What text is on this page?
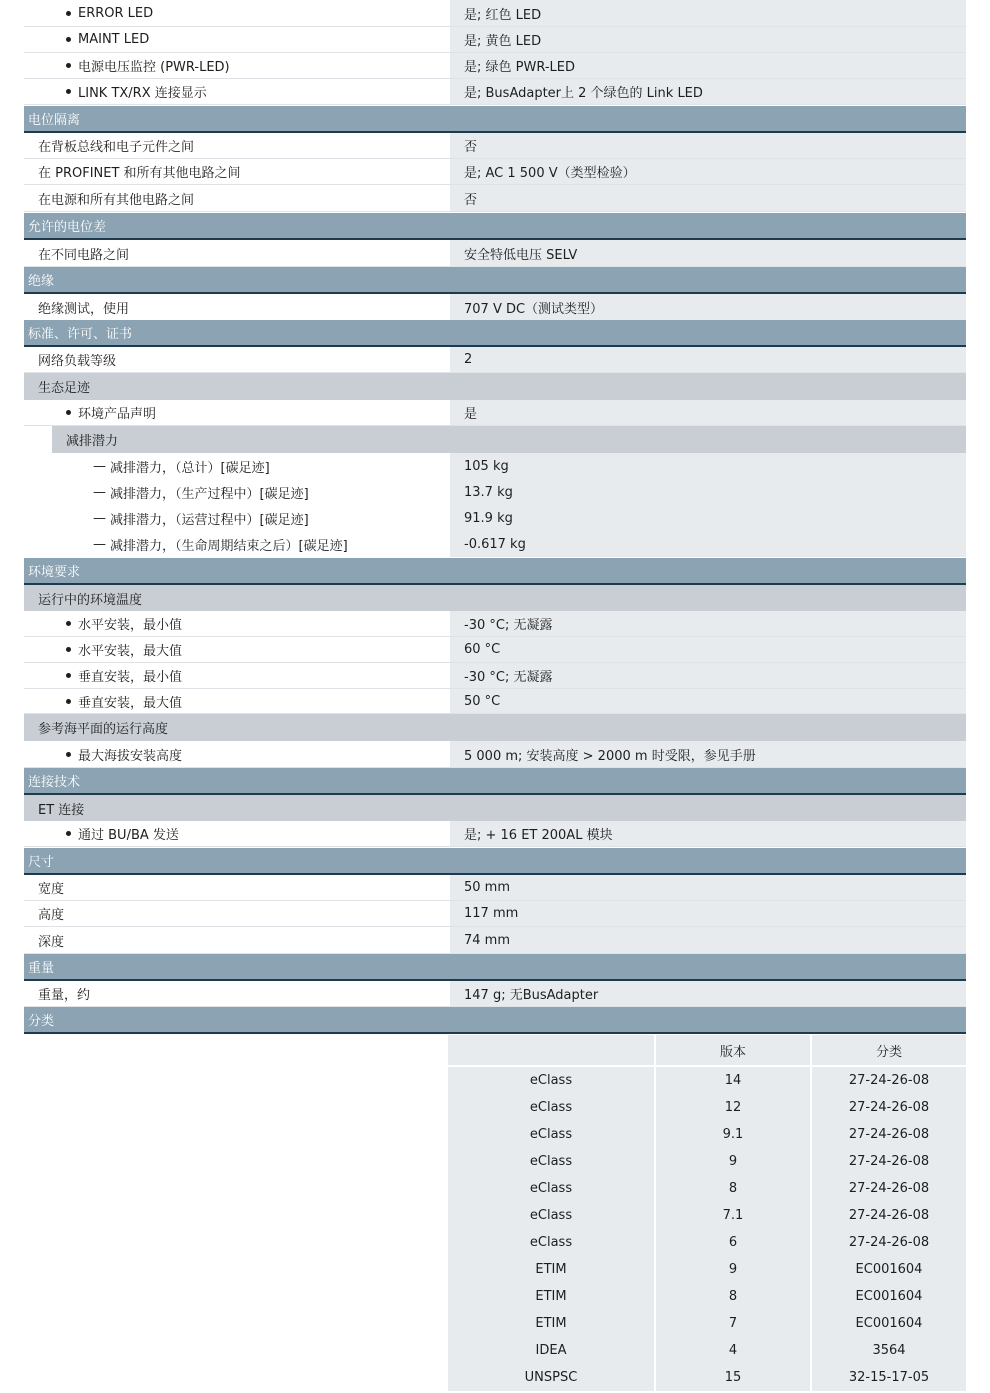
ERROR LED	是; 红色 LED
MAINT LED	是; 黄色 LED
电源电压监控 (PWR-LED)	是; 绿色 PWR-LED
LINK TX/RX 连接显示	是; BusAdapter上 2 个绿色的 Link LED
电位隔离
在背板总线和电子元件之间	否
在 PROFINET 和所有其他电路之间	是; AC 1 500 V（类型检验）
在电源和所有其他电路之间	否
允许的电位差
在不同电路之间	安全特低电压 SELV
绝缘
绝缘测试，使用	707 V DC（测试类型）
标准、许可、证书
网络负载等级	2
生态足迹
环境产品声明	是
减排潜力
— 减排潜力，（总计）[碳足迹]	105 kg
— 减排潜力，（生产过程中）[碳足迹]	13.7 kg
— 减排潜力，（运营过程中）[碳足迹]	91.9 kg
— 减排潜力，（生命周期结束之后）[碳足迹]	-0.617 kg
环境要求
运行中的环境温度
水平安装，最小值	-30 °C; 无凝露
水平安装，最大值	60 °C
垂直安装，最小值	-30 °C; 无凝露
垂直安装，最大值	50 °C
参考海平面的运行高度
最大海拔安装高度	5 000 m; 安装高度 > 2000 m 时受限，参见手册
连接技术
ET 连接
通过 BU/BA 发送	是; + 16 ET 200AL 模块
尺寸
宽度	50 mm
高度	117 mm
深度	74 mm
重量
重量，约	147 g; 无BusAdapter
分类
	版本	分类
eClass	14	27-24-26-08
eClass	12	27-24-26-08
eClass	9.1	27-24-26-08
eClass	9	27-24-26-08
eClass	8	27-24-26-08
eClass	7.1	27-24-26-08
eClass	6	27-24-26-08
ETIM	9	EC001604
ETIM	8	EC001604
ETIM	7	EC001604
IDEA	4	3564
UNSPSC	15	32-15-17-05
